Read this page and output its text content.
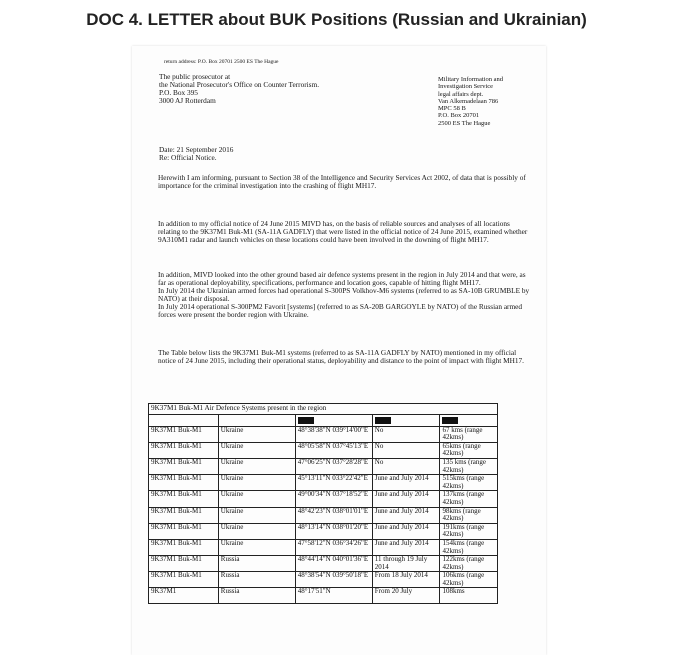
DOC 4. LETTER about BUK Positions (Russian and Ukrainian)
return address: P.O. Box 20701 2500 ES The Hague
The public prosecutor at
the National Prosecutor's Office on Counter Terrorism.
P.O. Box 395
3000 AJ Rotterdam
Military Information and
Investigation Service
legal affairs dept.
Van Alkemadelaan 786
MPC 58 B
P.O. Box 20701
2500 ES The Hague
Date: 21 September 2016
Re: Official Notice.
Herewith I am informing, pursuant to Section 38 of the Intelligence and Security Services Act 2002, of data that is possibly of importance for the criminal investigation into the crashing of flight MH17.
In addition to my official notice of 24 June 2015 MIVD has, on the basis of reliable sources and analyses of all locations relating to the 9K37M1 Buk-M1 (SA-11A GADFLY) that were listed in the official notice of 24 June 2015, examined whether 9A310M1 radar and launch vehicles on these locations could have been involved in the downing of flight MH17.
In addition, MIVD looked into the other ground based air defence systems present in the region in July 2014 and that were, as far as operational deployability, specifications, performance and location goes, capable of hitting flight MH17.
In July 2014 the Ukrainian armed forces had operational S-300PS Volkhov-M6 systems (referred to as SA-10B GRUMBLE by NATO) at their disposal.
In July 2014 operational S-300PM2 Favorit [systems] (referred to as SA-20B GARGOYLE by NATO) of the Russian armed forces were present the border region with Ukraine.
The Table below lists the 9K37M1 Buk-M1 systems (referred to as SA-11A GADFLY by NATO) mentioned in my official notice of 24 June 2015, including their operational status, deployability and distance to the point of impact with flight MH17.
9K37M1 Buk-M1 Air Defence Systems present in the region				

9K37M1 Buk-M1	Ukraine	48°38'38"N 039°14'00"E	No	67 kms (range 42kms)
9K37M1 Buk-M1	Ukraine	48°05'58"N 037°45'13"E	No	65kms (range 42kms)
9K37M1 Buk-M1	Ukraine	47°06'25"N 037°28'28"E	No	135 kms (range 42kms)
9K37M1 Buk-M1	Ukraine	45°13'11"N 033°22'42"E	June and July 2014	515kms (range 42kms)
9K37M1 Buk-M1	Ukraine	49°00'34"N 037°18'52"E	June and July 2014	137kms (range 42kms)
9K37M1 Buk-M1	Ukraine	48°42'23"N 038°01'01"E	June and July 2014	98kms (range 42kms)
9K37M1 Buk-M1	Ukraine	48°13'14"N 038°01'20"E	June and July 2014	191kms (range 42kms)
9K37M1 Buk-M1	Ukraine	47°58'12"N 036°34'26"E	June and July 2014	154kms (range 42kms)
9K37M1 Buk-M1	Russia	48°44'14"N 040°01'36"E	11 through 19 July 2014	122kms (range 42kms)
9K37M1 Buk-M1	Russia	48°38'54"N 039°50'18"E	From 18 July 2014	106kms (range 42kms)
9K37M1	Russia	48°17'51"N	From 20 July	108kms
